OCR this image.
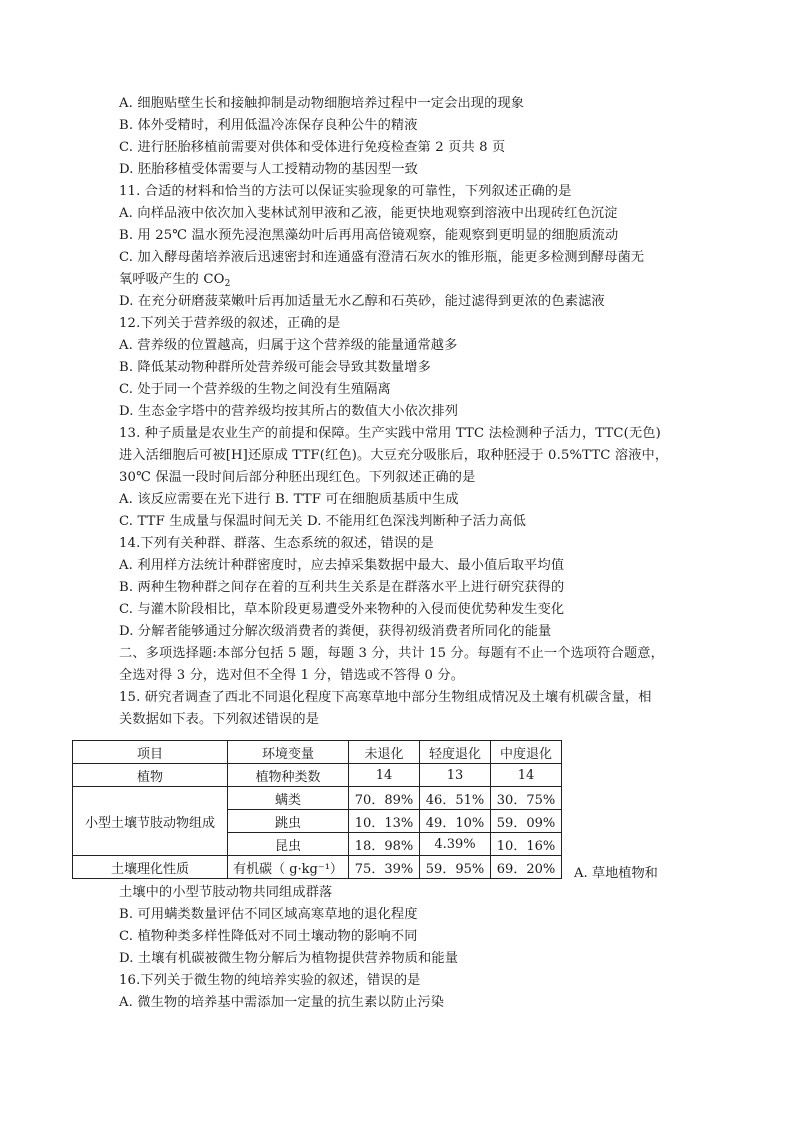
A. 细胞贴壁生长和接触抑制是动物细胞培养过程中一定会出现的现象
B. 体外受精时，利用低温冷冻保存良种公牛的精液
C. 进行胚胎移植前需要对供体和受体进行免疫检查第 2 页共 8 页
D. 胚胎移植受体需要与人工授精动物的基因型一致
11. 合适的材料和恰当的方法可以保证实验现象的可靠性，下列叙述正确的是
A. 向样品液中依次加入斐林试剂甲液和乙液，能更快地观察到溶液中出现砖红色沉淀
B. 用 25℃ 温水预先浸泡黑藻幼叶后再用高倍镜观察，能观察到更明显的细胞质流动
C. 加入酵母菌培养液后迅速密封和连通盛有澄清石灰水的锥形瓶，能更多检测到酵母菌无
氧呼吸产生的 $CO_2$
D. 在充分研磨菠菜嫩叶后再加适量无水乙醇和石英砂，能过滤得到更浓的色素滤液
12.下列关于营养级的叙述，正确的是
A. 营养级的位置越高，归属于这个营养级的能量通常越多
B. 降低某动物种群所处营养级可能会导致其数量增多
C. 处于同一个营养级的生物之间没有生殖隔离
D. 生态金字塔中的营养级均按其所占的数值大小依次排列
13. 种子质量是农业生产的前提和保障。生产实践中常用 TTC 法检测种子活力，TTC(无色)
进入活细胞后可被[H]还原成 TTF(红色)。大豆充分吸胀后，取种胚浸于 0.5%TTC 溶液中，
30℃ 保温一段时间后部分种胚出现红色。下列叙述正确的是
A. 该反应需要在光下进行 B. TTF 可在细胞质基质中生成
C. TTF 生成量与保温时间无关 D. 不能用红色深浅判断种子活力高低
14.下列有关种群、群落、生态系统的叙述，错误的是
A. 利用样方法统计种群密度时，应去掉采集数据中最大、最小值后取平均值
B. 两种生物种群之间存在着的互利共生关系是在群落水平上进行研究获得的
C. 与灌木阶段相比，草本阶段更易遭受外来物种的入侵而使优势种发生变化
D. 分解者能够通过分解次级消费者的粪便，获得初级消费者所同化的能量
二、多项选择题:本部分包括 5 题，每题 3 分，共计 15 分。每题有不止一个选项符合题意，
全选对得 3 分，选对但不全得 1 分，错选或不答得 0 分。
15. 研究者调查了西北不同退化程度下高寒草地中部分生物组成情况及土壤有机碳含量，相
关数据如下表。下列叙述错误的是
项目	环境变量	未退化	轻度退化	中度退化
植物	植物种类数	14	13	14
小型土壤节肢动物组成	螨类	70．89%	46．51%	30．75%
	跳虫	10．13%	49．10%	59．09%
	昆虫	18．98%	4.39%	10．16%
土壤理化性质	有机碳（ g·kg⁻¹）	75．39%	59．95%	69．20% A. 草地植物和
土壤中的小型节肢动物共同组成群落
B. 可用螨类数量评估不同区域高寒草地的退化程度
C. 植物种类多样性降低对不同土壤动物的影响不同
D. 土壤有机碳被微生物分解后为植物提供营养物质和能量
16.下列关于微生物的纯培养实验的叙述，错误的是
A. 微生物的培养基中需添加一定量的抗生素以防止污染
